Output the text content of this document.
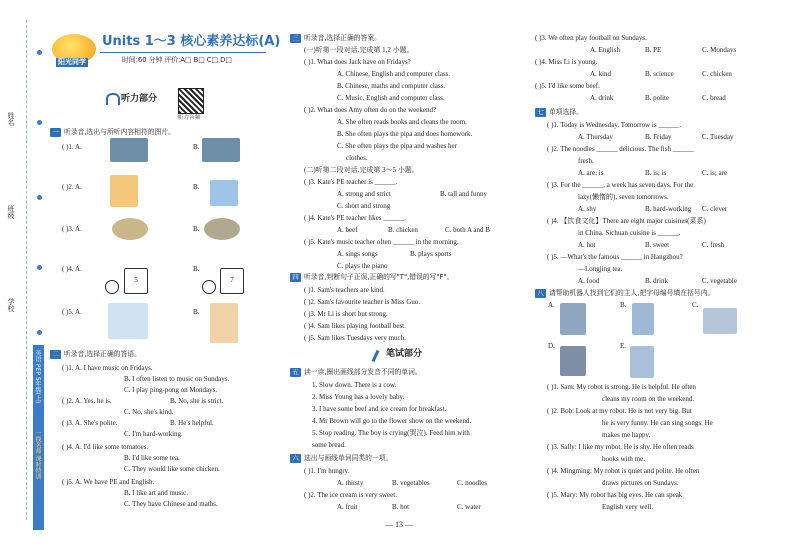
姓名
班级
学校
英语 PEP 5年级(上)
一线名师 课时特训
阳光同学
Units 1～3 核心素养达标(A)
时间:60 分钟 评价:A□ B□ C□ D□
听力部分
听力音频
一 听录音,选出与所听内容相符的图片。
( )1. A.	B.
( )2. A.	B.
( )3. A.	B.
( )4. A.
5
B.
7
( )5. A.	B.
二 听录音,选择正确的答语。
( )1. A. I have music on Fridays.
B. I often listen to music on Sundays.
C. I play ping-pong on Mondays.
( )2. A. Yes, he is.	B. No, she is strict.
C. No, she's kind.
( )3. A. She's polite.	B. He's helpful.
C. I'm hard-working.
( )4. A. I'd like some tomatoes.
B. I'd like some tea.
C. They would like some chicken.
( )5. A. We have PE and English.
B. I like art and music.
C. They have Chinese and maths.
三 听录音,选择正确的答案。
(一)听第一段对话,完成第 1,2 小题。
( )1. What does Jack have on Fridays?
A. Chinese, English and computer class.
B. Chinese, maths and computer class.
C. Music, English and computer class.
( )2. What does Amy often do on the weekend?
A. She often reads books and cleans the room.
B. She often plays the pipa and does homework.
C. She often plays the pipa and washes her
clothes.
(二)听第二段对话,完成第 3～5 小题。
( )3. Kate's PE teacher is ______.
A. strong and strict	B. tall and funny
C. short and strong
( )4. Kate's PE teacher likes ______.
A. beef	B. chicken	C. both A and B
( )5. Kate's music teacher often ______ in the morning.
A. sings songs	B. plays sports
C. plays the piano
四 听录音,判断句子正误,正确的写"T",错误的写"F"。
( )1. Sam's teachers are kind.
( )2. Sam's favourite teacher is Miss Guo.
( )3. Mr Li is short but strong.
( )4. Sam likes playing football best.
( )5. Sam likes Tuesdays very much.
笔试部分
五 读一读,圈出画线部分发音不同的单词。
1. Slow down. There is a cow.
2. Miss Young has a lovely baby.
3. I have some beef and ice cream for breakfast.
4. Mr Brown will go to the flower show on the weekend.
5. Stop reading. The boy is crying(哭泣). Feed him with
some bread.
六 选出与画线单词同类的一项。
( )1. I'm hungry.
A. thirsty	B. vegetables	C. noodles
( )2. The ice cream is very sweet.
A. fruit	B. hot	C. water
— 13 —
( )3. We often play football on Sundays.
A. English	B. PE	C. Mondays
( )4. Miss Li is young.
A. kind	B. science	C. chicken
( )5. I'd like some beef.
A. drink	B. polite	C. bread
七 单项选择。
( )1. Today is Wednesday. Tomorrow is ______.
A. Thursday	B. Friday	C. Tuesday
( )2. The noodles ______ delicious. The fish ______
fresh.
A. are; is	B. is; is	C. is; are
( )3. For the ______, a week has seven days. For the
lazy(懒惰的), seven tomorrows.
A. shy	B. hard-working C. clever
( )4. 【饮食文化】There are eight major cuisines(菜系)
in China. Sichuan cuisine is ______.
A. hot	B. sweet	C. fresh
( )5. —What's the famous ______ in Hangzhou?
—Longjing tea.
A. food	B. drink	C. vegetable
八 请帮助机器人找到它们的主人,把字母编号填在括号内。
A.	B.	C.
D.	E.
( )1. Sam: My robot is strong. He is helpful. He often
cleans my room on the weekend.
( )2. Bob: Look at my robot. He is not very big. But
he is very funny. He can sing songs. He
makes me happy.
( )3. Sally: I like my robot. He is shy. He often reads
books with me.
( )4. Mingming: My robot is quiet and polite. He often
draws pictures on Sundays.
( )5. Mary: My robot has big eyes. He can speak
English very well.
